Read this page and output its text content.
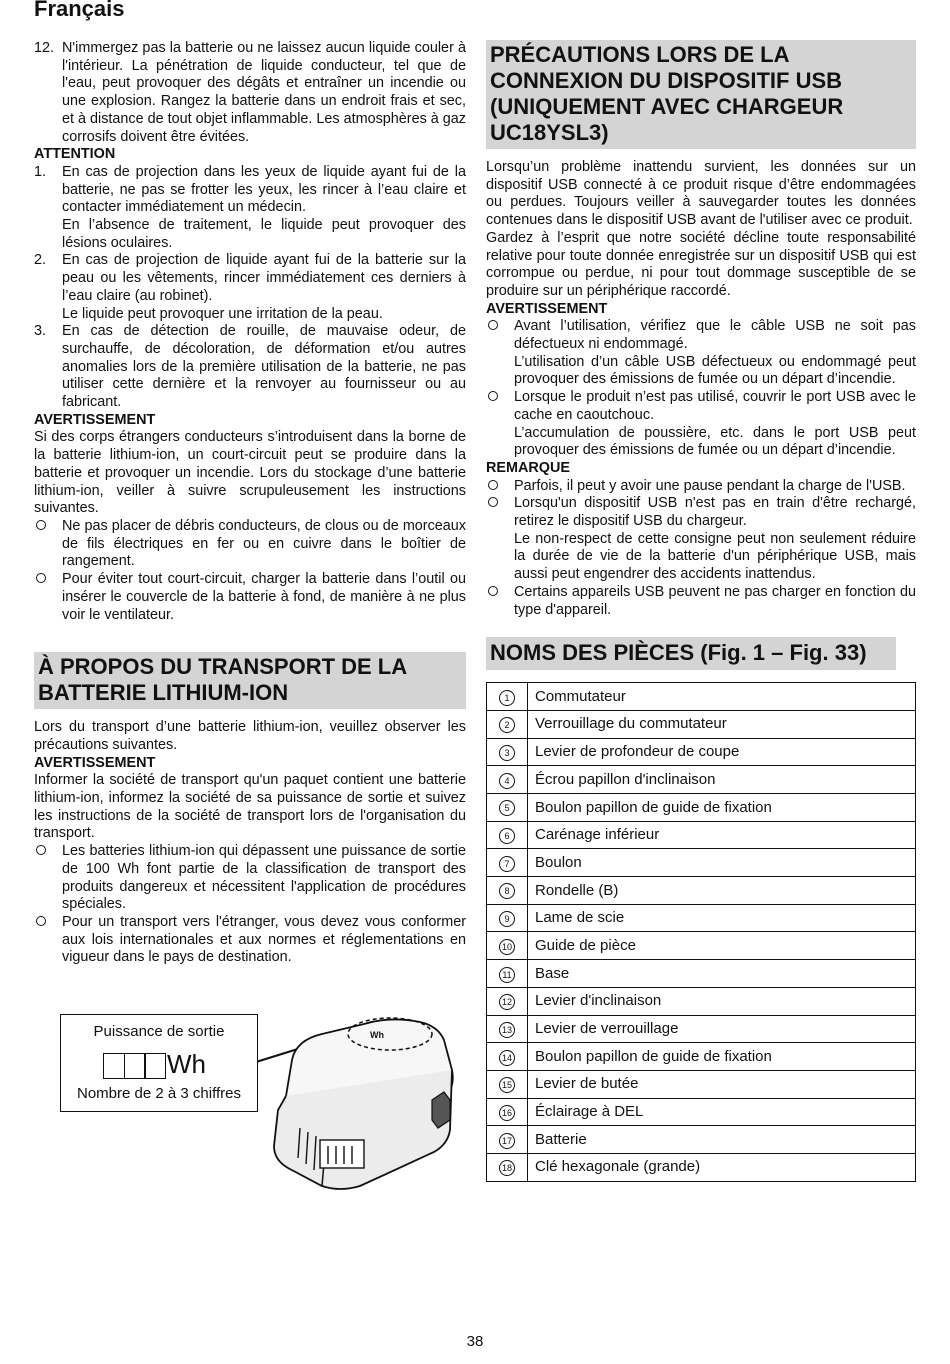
Français
12. N'immergez pas la batterie ou ne laissez aucun liquide couler à l'intérieur. La pénétration de liquide conducteur, tel que de l'eau, peut provoquer des dégâts et entraîner un incendie ou une explosion. Rangez la batterie dans un endroit frais et sec, et à distance de tout objet inflammable. Les atmosphères à gaz corrosifs doivent être évitées.

ATTENTION

1. En cas de projection dans les yeux de liquide ayant fui de la batterie, ne pas se frotter les yeux, les rincer à l’eau claire et contacter immédiatement un médecin.
En l’absence de traitement, le liquide peut provoquer des lésions oculaires.
2. En cas de projection de liquide ayant fui de la batterie sur la peau ou les vêtements, rincer immédiatement ces derniers à l’eau claire (au robinet).
Le liquide peut provoquer une irritation de la peau.
3. En cas de détection de rouille, de mauvaise odeur, de surchauffe, de décoloration, de déformation et/ou autres anomalies lors de la première utilisation de la batterie, ne pas utiliser cette dernière et la renvoyer au fournisseur ou au fabricant.

AVERTISSEMENT

Si des corps étrangers conducteurs s’introduisent dans la borne de la batterie lithium-ion, un court-circuit peut se produire dans la batterie et provoquer un incendie. Lors du stockage d’une batterie lithium-ion, veiller à suivre scrupuleusement les instructions suivantes.

Ne pas placer de débris conducteurs, de clous ou de morceaux de fils électriques en fer ou en cuivre dans le boîtier de rangement.
Pour éviter tout court-circuit, charger la batterie dans l’outil ou insérer le couvercle de la batterie à fond, de manière à ne plus voir le ventilateur.
À PROPOS DU TRANSPORT DE LA BATTERIE LITHIUM-ION

Lors du transport d’une batterie lithium-ion, veuillez observer les précautions suivantes.

AVERTISSEMENT

Informer la société de transport qu'un paquet contient une batterie lithium-ion, informez la société de sa puissance de sortie et suivez les instructions de la société de transport lors de l'organisation du transport.

Les batteries lithium-ion qui dépassent une puissance de sortie de 100 Wh font partie de la classification de transport des produits dangereux et nécessitent l'application de procédures spéciales.
Pour un transport vers l'étranger, vous devez vous conformer aux lois internationales et aux normes et réglementations en vigueur dans le pays de destination.
Wh
Puissance de sortie
Wh
Nombre de 2 à 3 chiffres
PRÉCAUTIONS LORS DE LA CONNEXION DU DISPOSITIF USB (UNIQUEMENT AVEC CHARGEUR UC18YSL3)

Lorsqu’un problème inattendu survient, les données sur un dispositif USB connecté à ce produit risque d’être endommagées ou perdues. Toujours veiller à sauvegarder toutes les données contenues dans le dispositif USB avant de l'utiliser avec ce produit.

Gardez à l’esprit que notre société décline toute responsabilité relative pour toute donnée enregistrée sur un dispositif USB qui est corrompue ou perdue, ni pour tout dommage susceptible de se produire sur un périphérique raccordé.

AVERTISSEMENT

Avant l’utilisation, vérifiez que le câble USB ne soit pas défectueux ni endommagé.
L’utilisation d’un câble USB défectueux ou endommagé peut provoquer des émissions de fumée ou un départ d’incendie.
Lorsque le produit n’est pas utilisé, couvrir le port USB avec le cache en caoutchouc.
L’accumulation de poussière, etc. dans le port USB peut provoquer des émissions de fumée ou un départ d’incendie.

REMARQUE

Parfois, il peut y avoir une pause pendant la charge de l'USB.
Lorsqu'un dispositif USB n'est pas en train d'être rechargé, retirez le dispositif USB du chargeur.
Le non-respect de cette consigne peut non seulement réduire la durée de vie de la batterie d'un périphérique USB, mais aussi peut engendrer des accidents inattendus.
Certains appareils USB peuvent ne pas charger en fonction du type d'appareil.
NOMS DES PIÈCES (Fig. 1 – Fig. 33)
1	Commutateur
2	Verrouillage du commutateur
3	Levier de profondeur de coupe
4	Écrou papillon d'inclinaison
5	Boulon papillon de guide de fixation
6	Carénage inférieur
7	Boulon
8	Rondelle (B)
9	Lame de scie
10	Guide de pièce
11	Base
12	Levier d'inclinaison
13	Levier de verrouillage
14	Boulon papillon de guide de fixation
15	Levier de butée
16	Éclairage à DEL
17	Batterie
18	Clé hexagonale (grande)
38
